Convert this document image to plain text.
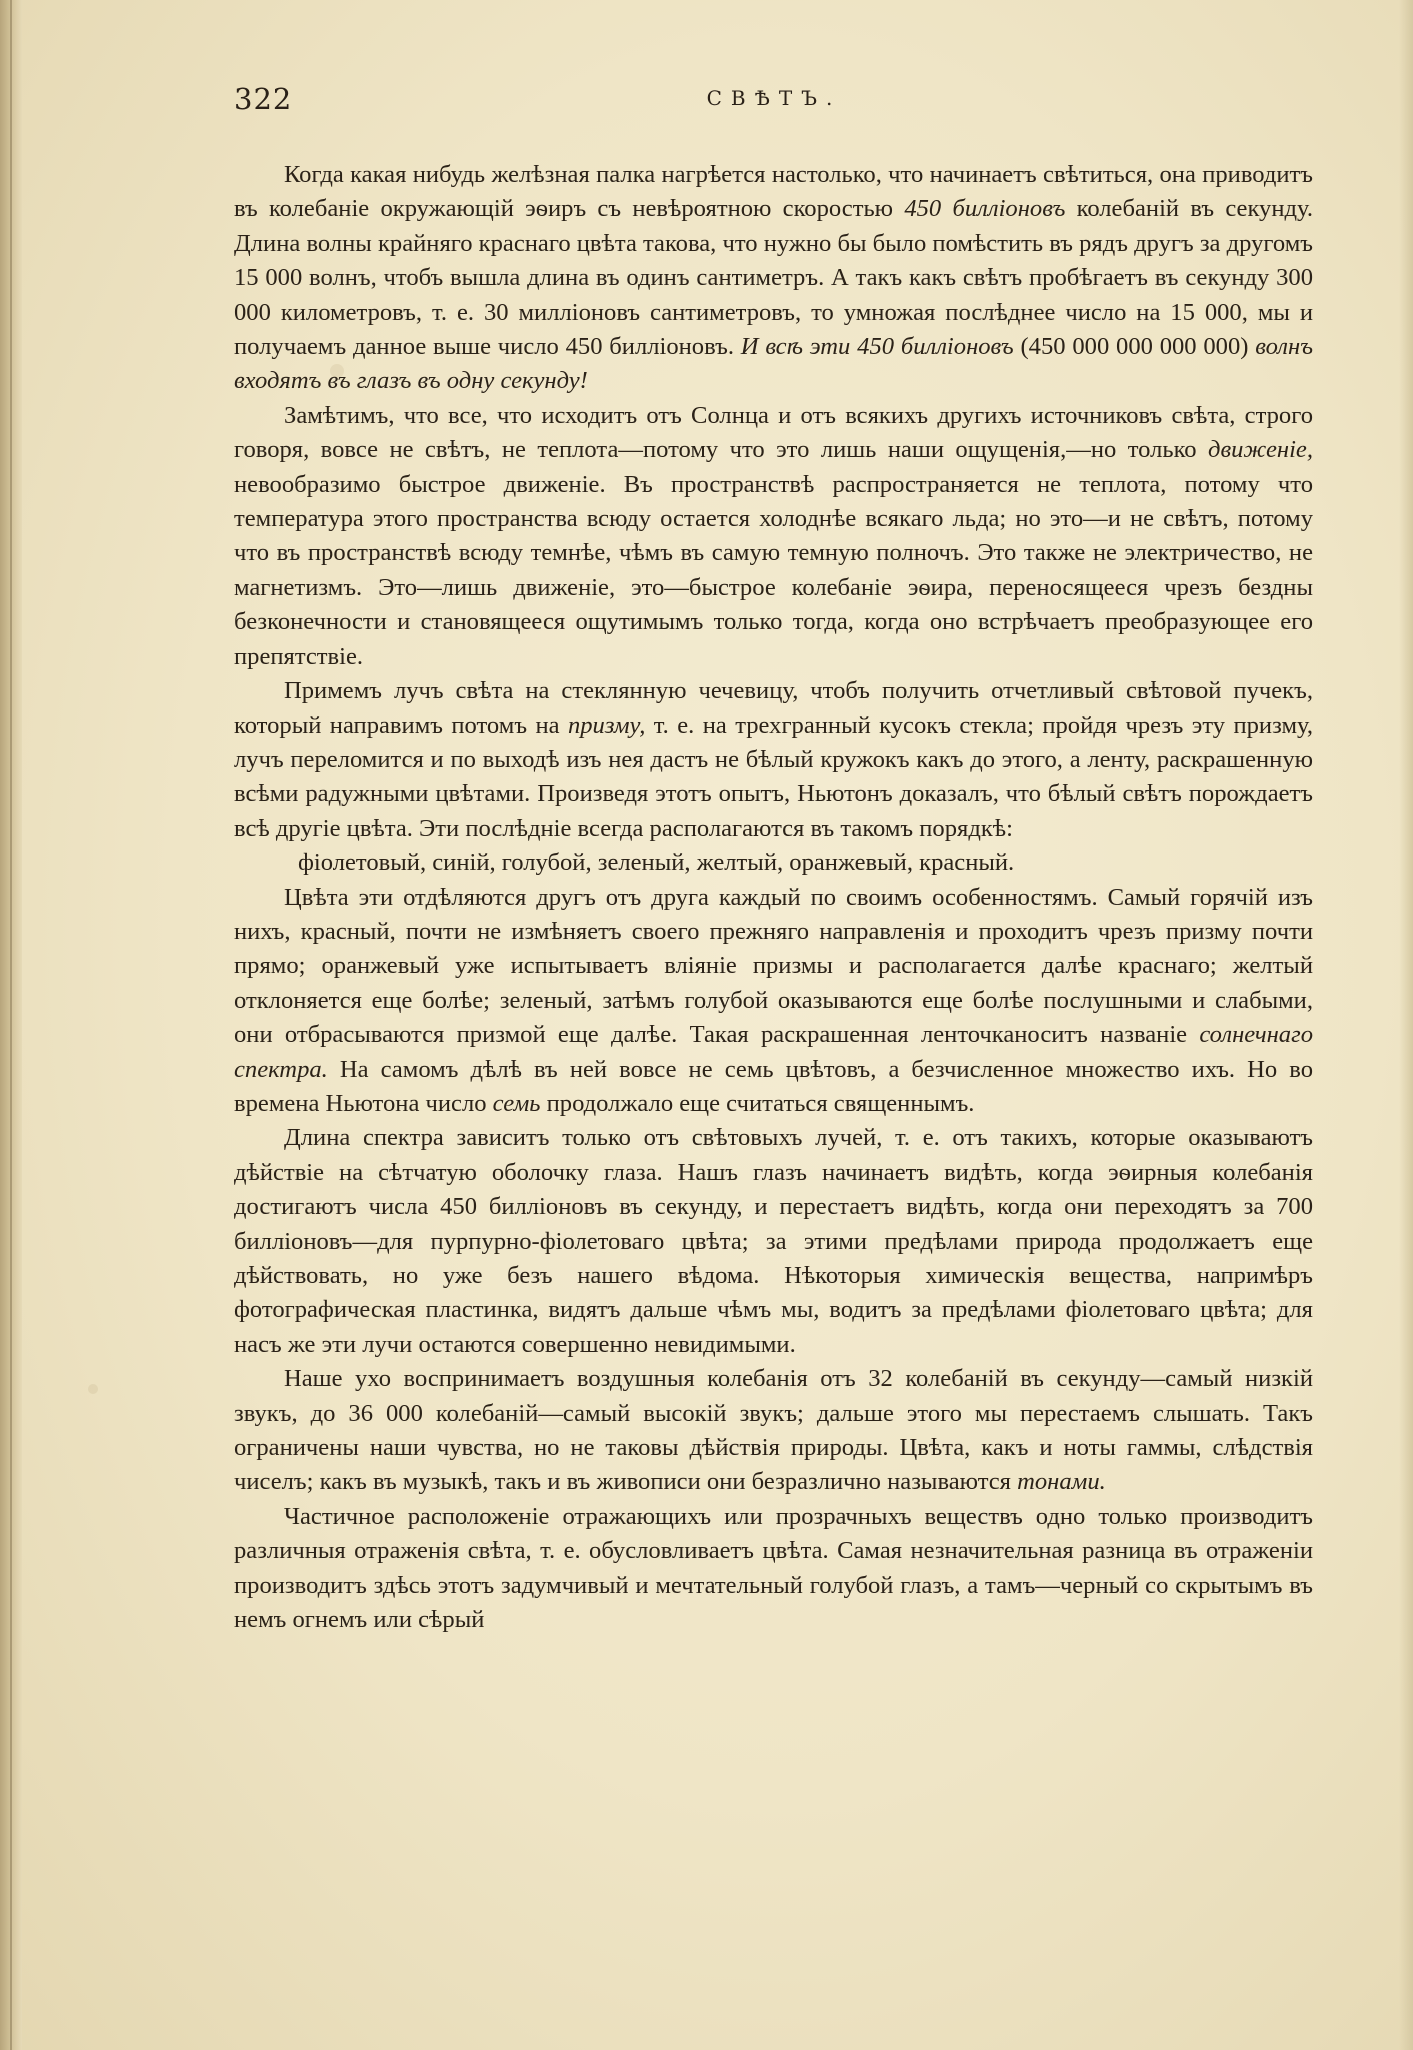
322	СВѢТЪ.

Когда какая нибудь желѣзная палка нагрѣется настолько, что начинаетъ свѣтиться, она приводитъ въ колебаніе окружающій эѳиръ съ невѣроятною скоростью 450 билліоновъ колебаній въ секунду. Длина волны крайняго краснаго цвѣта такова, что нужно бы было помѣстить въ рядъ другъ за другомъ 15 000 волнъ, чтобъ вышла длина въ одинъ сантиметръ. А такъ какъ свѣтъ пробѣгаетъ въ секунду 300 000 километровъ, т. е. 30 милліоновъ сантиметровъ, то умножая послѣднее число на 15 000, мы и получаемъ данное выше число 450 билліоновъ. И всѣ эти 450 билліоновъ (450 000 000 000 000) волнъ входятъ въ глазъ въ одну секунду!

Замѣтимъ, что все, что исходитъ отъ Солнца и отъ всякихъ другихъ источниковъ свѣта, строго говоря, вовсе не свѣтъ, не теплота—потому что это лишь наши ощущенія,—но только движеніе, невообразимо быстрое движеніе. Въ пространствѣ распространяется не теплота, потому что температура этого пространства всюду остается холоднѣе всякаго льда; но это—и не свѣтъ, потому что въ пространствѣ всюду темнѣе, чѣмъ въ самую темную полночъ. Это также не электричество, не магнетизмъ. Это—лишь движеніе, это—быстрое колебаніе эѳира, переносящееся чрезъ бездны безконечности и становящееся ощутимымъ только тогда, когда оно встрѣчаетъ преобразующее его препятствіе.

Примемъ лучъ свѣта на стеклянную чечевицу, чтобъ получить отчетливый свѣтовой пучекъ, который направимъ потомъ на призму, т. е. на трехгранный кусокъ стекла; пройдя чрезъ эту призму, лучъ переломится и по выходѣ изъ нея дастъ не бѣлый кружокъ какъ до этого, а ленту, раскрашенную всѣми радужными цвѣтами. Произведя этотъ опытъ, Ньютонъ доказалъ, что бѣлый свѣтъ порождаетъ всѣ другіе цвѣта. Эти послѣдніе всегда располагаются въ такомъ порядкѣ:

фіолетовый, синій, голубой, зеленый, желтый, оранжевый, красный.

Цвѣта эти отдѣляются другъ отъ друга каждый по своимъ особенностямъ. Самый горячій изъ нихъ, красный, почти не измѣняетъ своего прежняго направленія и проходитъ чрезъ призму почти прямо; оранжевый уже испытываетъ вліяніе призмы и располагается далѣе краснаго; желтый отклоняется еще болѣе; зеленый, затѣмъ голубой оказываются еще болѣе послушными и слабыми, они отбрасываются призмой еще далѣе. Такая раскрашенная ленточканоситъ названіе солнечнаго спектра. На самомъ дѣлѣ въ ней вовсе не семь цвѣтовъ, а безчисленное множество ихъ. Но во времена Ньютона число семь продолжало еще считаться священнымъ.

Длина спектра зависитъ только отъ свѣтовыхъ лучей, т. е. отъ такихъ, которые оказываютъ дѣйствіе на сѣтчатую оболочку глаза. Нашъ глазъ начинаетъ видѣть, когда эѳирныя колебанія достигаютъ числа 450 билліоновъ въ секунду, и перестаетъ видѣть, когда они переходятъ за 700 билліоновъ—для пурпурно-фіолетоваго цвѣта; за этими предѣлами природа продолжаетъ еще дѣйствовать, но уже безъ нашего вѣдома. Нѣкоторыя химическія вещества, напримѣръ фотографическая пластинка, видятъ дальше чѣмъ мы, водитъ за предѣлами фіолетоваго цвѣта; для насъ же эти лучи остаются совершенно невидимыми.

Наше ухо воспринимаетъ воздушныя колебанія отъ 32 колебаній въ секунду—самый низкій звукъ, до 36 000 колебаній—самый высокій звукъ; дальше этого мы перестаемъ слышать. Такъ ограничены наши чувства, но не таковы дѣйствія природы. Цвѣта, какъ и ноты гаммы, слѣдствія чиселъ; какъ въ музыкѣ, такъ и въ живописи они безразлично называются тонами.

Частичное расположеніе отражающихъ или прозрачныхъ веществъ одно только производитъ различныя отраженія свѣта, т. е. обусловливаетъ цвѣта. Самая незначительная разница въ отраженіи производитъ здѣсь этотъ задумчивый и мечтательный голубой глазъ, а тамъ—черный со скрытымъ въ немъ огнемъ или сѣрый
